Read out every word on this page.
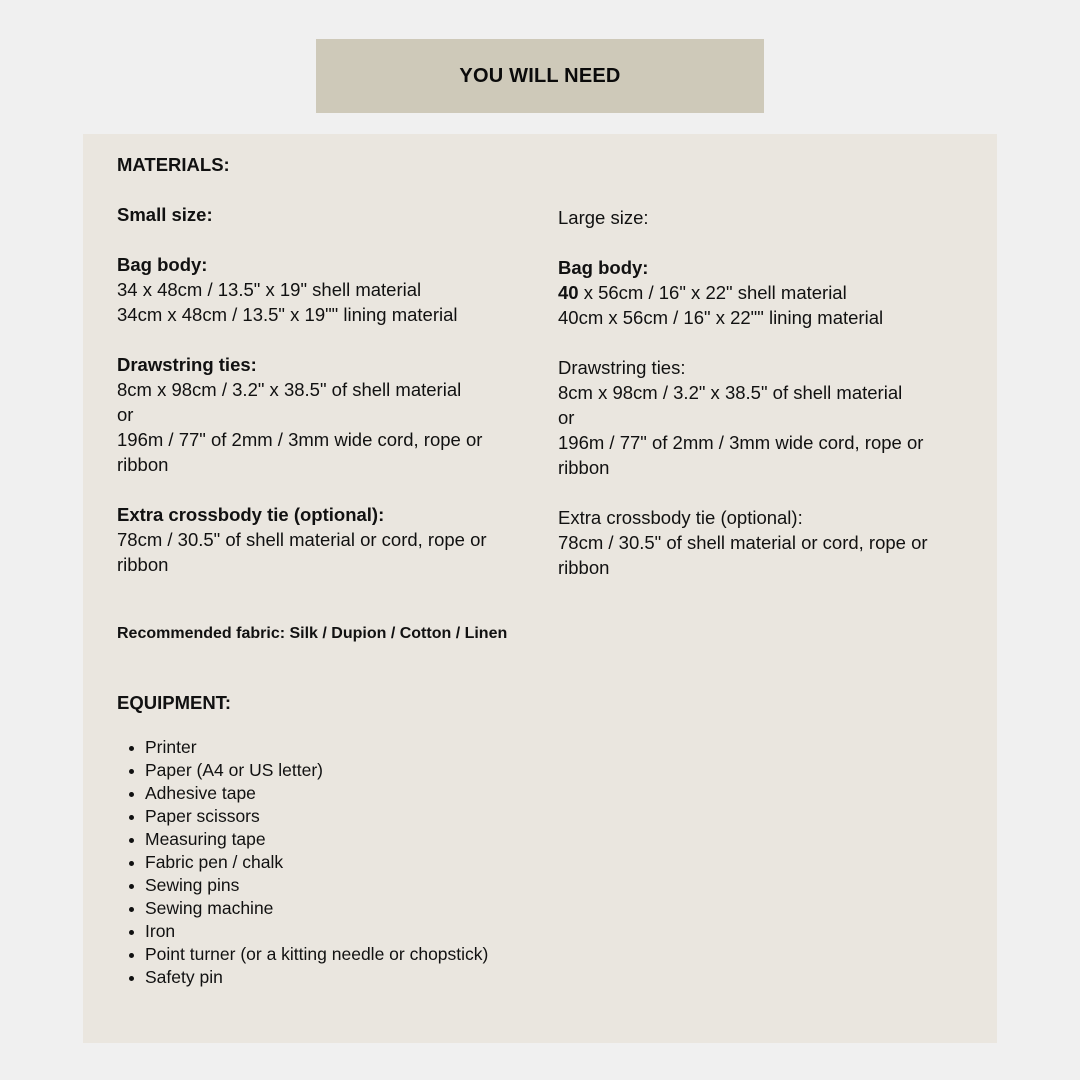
YOU WILL NEED
MATERIALS:
Small size:
Bag body:
34 x 48cm / 13.5" x 19" shell material
34cm x 48cm / 13.5" x 19"" lining material
Drawstring ties:
8cm x 98cm / 3.2" x 38.5" of shell material
or
196m / 77" of 2mm / 3mm wide cord, rope or ribbon
Extra crossbody tie (optional):
78cm / 30.5" of shell material or cord, rope or ribbon
Recommended fabric: Silk / Dupion / Cotton / Linen
EQUIPMENT:
Printer
Paper (A4 or US letter)
Adhesive tape
Paper scissors
Measuring tape
Fabric pen / chalk
Sewing pins
Sewing machine
Iron
Point turner (or a kitting needle or chopstick)
Safety pin
Large size:
Bag body:
40 x 56cm / 16" x 22" shell material
40cm x 56cm / 16" x 22"" lining material
Drawstring ties:
8cm x 98cm / 3.2" x 38.5" of shell material
or
196m / 77" of 2mm / 3mm wide cord, rope or ribbon
Extra crossbody tie (optional):
78cm / 30.5" of shell material or cord, rope or ribbon
